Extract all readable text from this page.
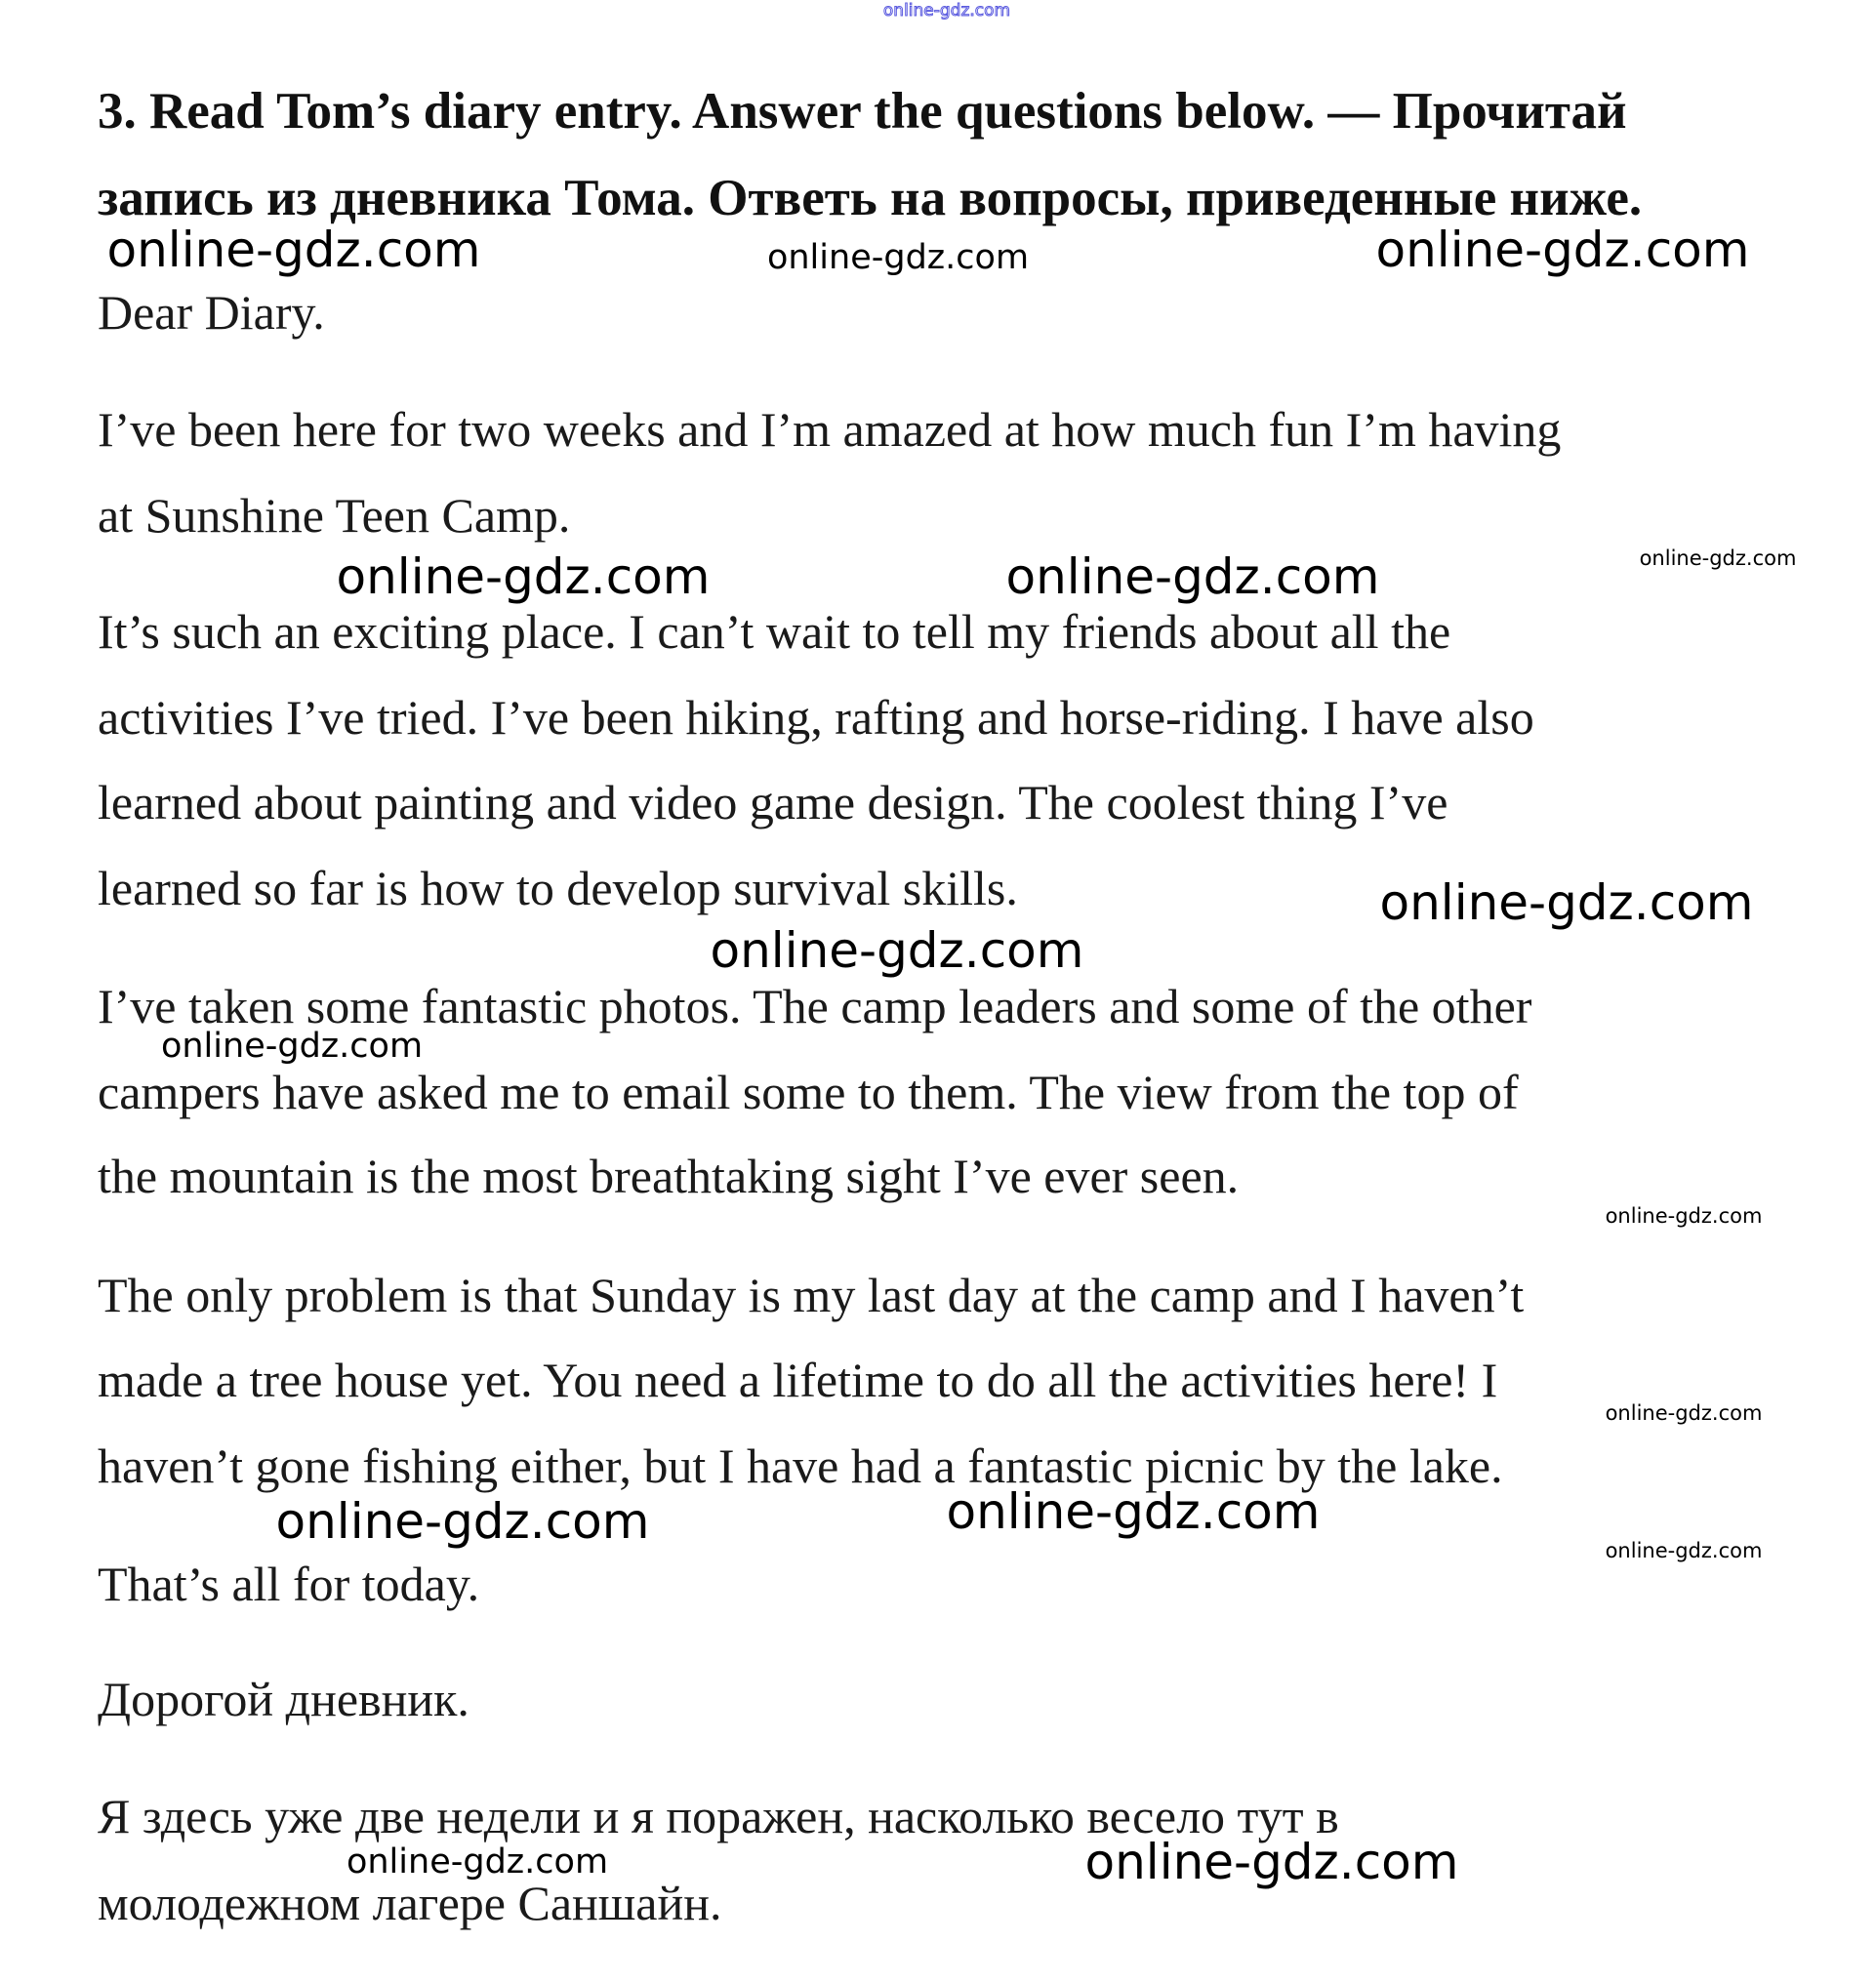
online-gdz.com
3. Read Tom’s diary entry. Answer the questions below. — Прочитай
запись из дневника Тома. Ответь на вопросы, приведенные ниже.
Dear Diary.
I’ve been here for two weeks and I’m amazed at how much fun I’m having
at Sunshine Teen Camp.
It’s such an exciting place. I can’t wait to tell my friends about all the
activities I’ve tried. I’ve been hiking, rafting and horse-riding. I have also
learned about painting and video game design. The coolest thing I’ve
learned so far is how to develop survival skills.
I’ve taken some fantastic photos. The camp leaders and some of the other
campers have asked me to email some to them. The view from the top of
the mountain is the most breathtaking sight I’ve ever seen.
The only problem is that Sunday is my last day at the camp and I haven’t
made a tree house yet. You need a lifetime to do all the activities here! I
haven’t gone fishing either, but I have had a fantastic picnic by the lake.
That’s all for today.
Дорогой дневник.
Я здесь уже две недели и я поражен, насколько весело тут в
молодежном лагере Саншайн.
online-gdz.com	online-gdz.com	online-gdz.com
online-gdz.com	online-gdz.com	online-gdz.com
online-gdz.com
online-gdz.com
online-gdz.com
online-gdz.com
online-gdz.com
online-gdz.com	online-gdz.com
online-gdz.com
online-gdz.com	online-gdz.com
